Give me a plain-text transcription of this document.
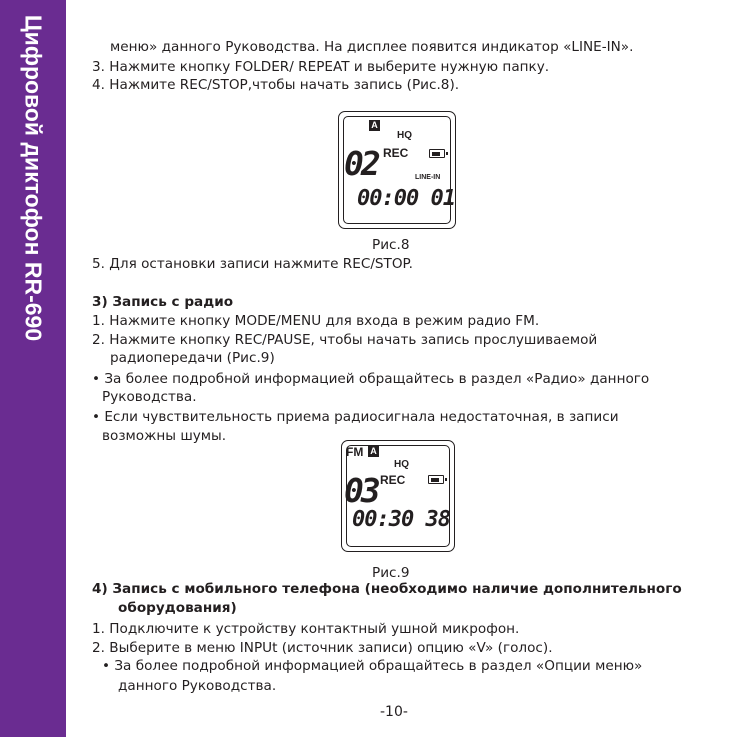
Цифровой диктофон RR-690	меню» данного Руководства. На дисплее появится индикатор «LINE-IN».
3. Нажмите кнопку FOLDER/ REPEAT и выберите нужную папку.
4. Нажмите REC/STOP,чтобы начать запись (Рис.8).
A
HQ
02 REC
LINE-IN
00:00 01
Рис.8
5. Для остановки записи нажмите REC/STOP.
3) Запись с радио
1. Нажмите кнопку MODE/MENU для входа в режим радио FM.
2. Нажмите кнопку REC/PAUSE, чтобы начать запись прослушиваемой
радиопередачи (Рис.9)
• За более подробной информацией обращайтесь в раздел «Радио» данного
Руководства.
• Если чувствительность приема радиосигнала недостаточная, в записи
возможны шумы.
FM A
HQ
03 REC
00:30 38
Рис.9
4) Запись с мобильного телефона (необходимо наличие дополнительного
оборудования)
1. Подключите к устройству контактный ушной микрофон.
2. Выберите в меню INPUt (источник записи) опцию «V» (голос).
• За более подробной информацией обращайтесь в раздел «Опции меню»
данного Руководства.
-10-
